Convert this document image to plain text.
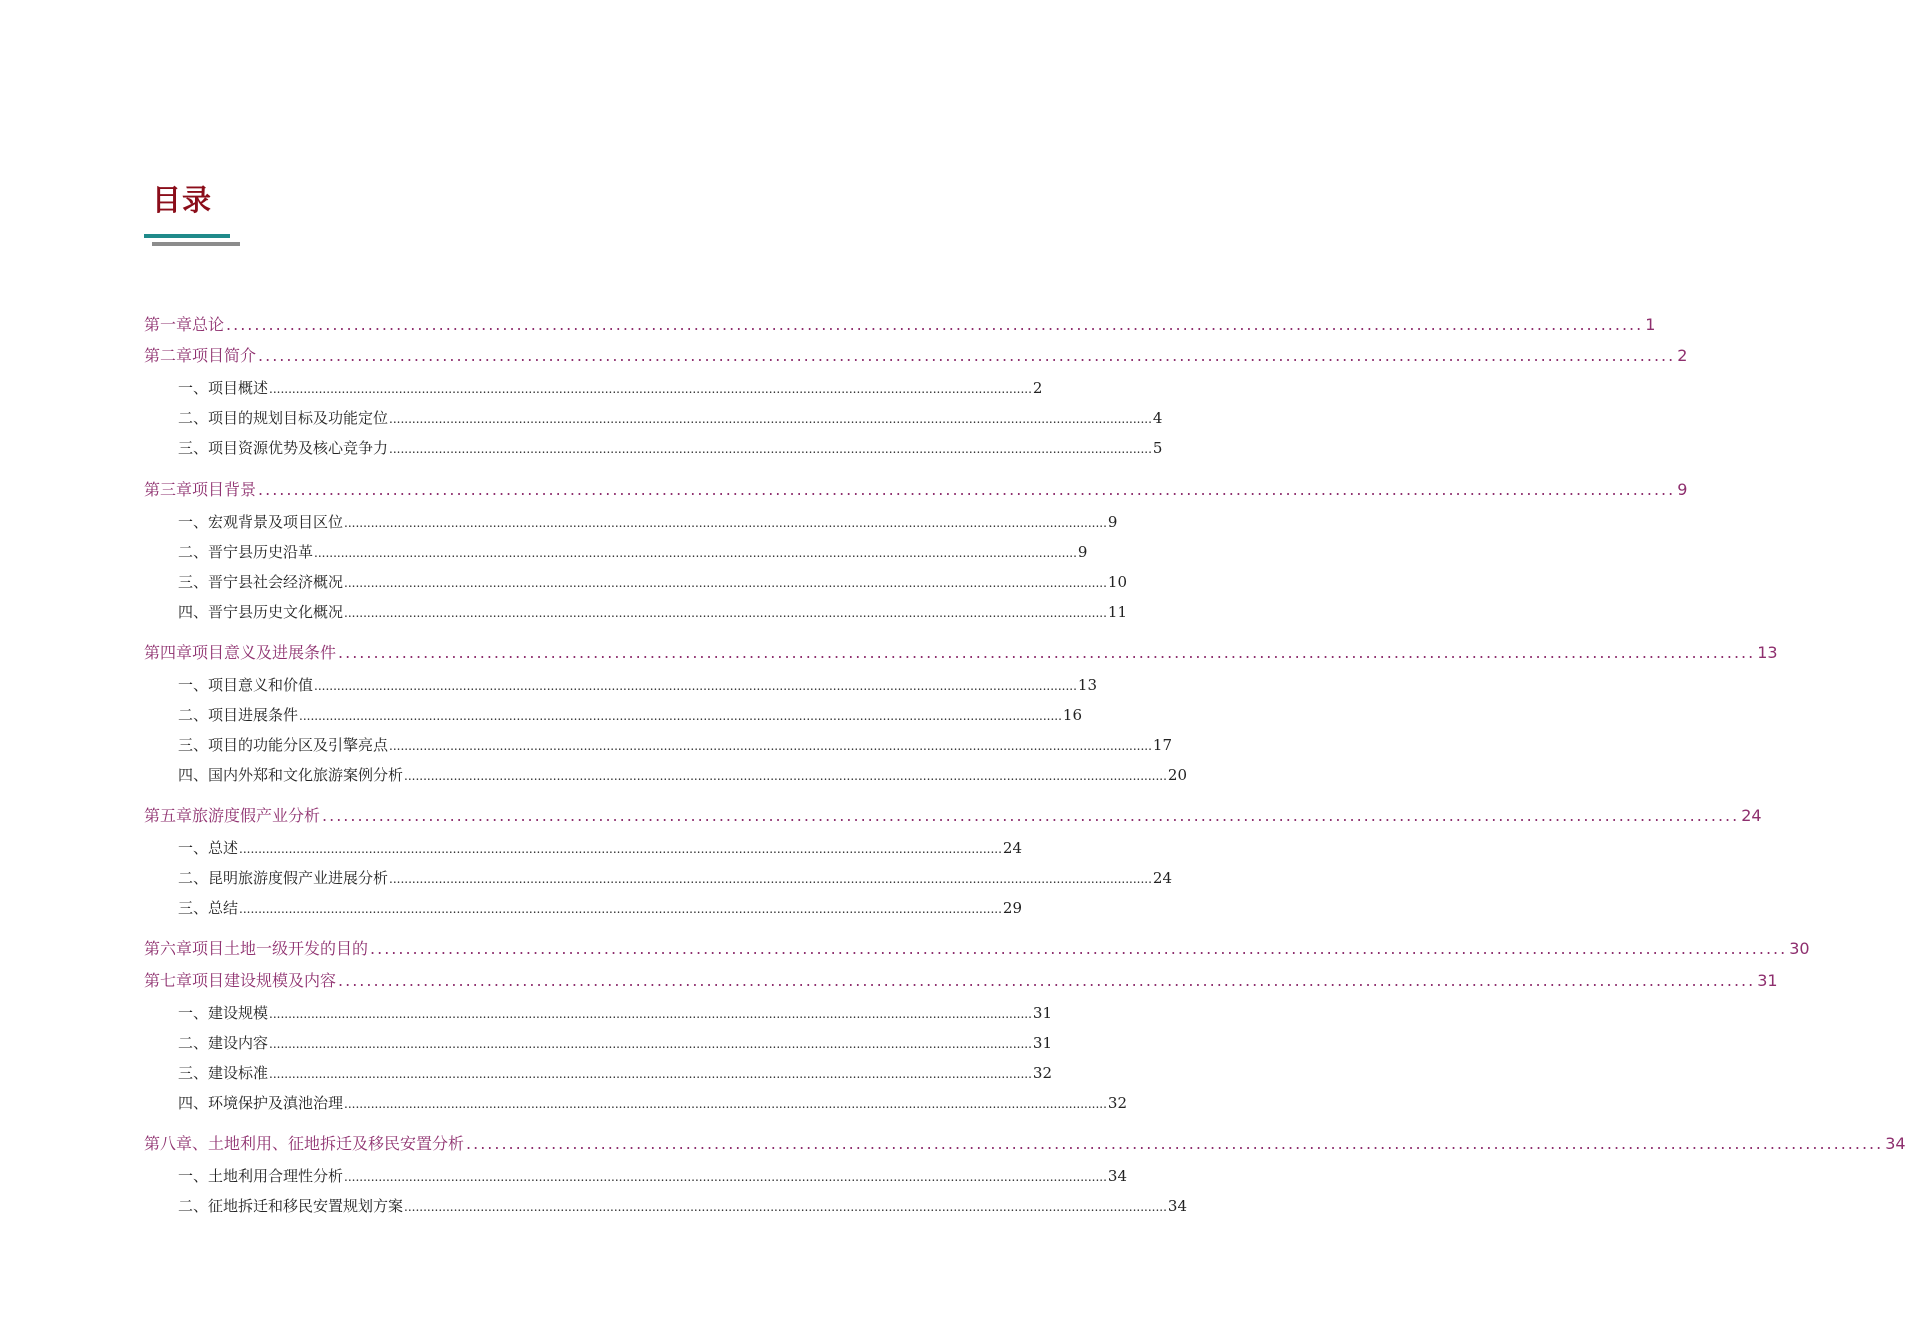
目录
第一章 总论 ........................................................................................................................................................................................................ 1
第二章 项目简介 ........................................................................................................................................................................................................ 2
一、 项目概述 ........................................................................................................................................................................................................ 2
二、 项目的规划目标及功能定位 ........................................................................................................................................................................................................ 4
三、 项目资源优势及核心竞争力 ........................................................................................................................................................................................................ 5
第三章 项目背景 ........................................................................................................................................................................................................ 9
一、 宏观背景及项目区位 ........................................................................................................................................................................................................ 9
二、 晋宁县历史沿革 ........................................................................................................................................................................................................ 9
三、 晋宁县社会经济概况 ........................................................................................................................................................................................................ 10
四、 晋宁县历史文化概况 ........................................................................................................................................................................................................ 11
第四章 项目意义及进展条件 ........................................................................................................................................................................................................ 13
一、 项目意义和价值 ........................................................................................................................................................................................................ 13
二、 项目进展条件 ........................................................................................................................................................................................................ 16
三、 项目的功能分区及引擎亮点 ........................................................................................................................................................................................................ 17
四、 国内外郑和文化旅游案例分析 ........................................................................................................................................................................................................ 20
第五章 旅游度假产业分析 ........................................................................................................................................................................................................ 24
一、 总述 ........................................................................................................................................................................................................ 24
二、 昆明旅游度假产业进展分析 ........................................................................................................................................................................................................ 24
三、 总结 ........................................................................................................................................................................................................ 29
第六章 项目土地一级开发的目的 ........................................................................................................................................................................................................ 30
第七章 项目建设规模及内容 ........................................................................................................................................................................................................ 31
一、 建设规模 ........................................................................................................................................................................................................ 31
二、 建设内容 ........................................................................................................................................................................................................ 31
三、 建设标准 ........................................................................................................................................................................................................ 32
四、 环境保护及滇池治理 ........................................................................................................................................................................................................ 32
第八章、 土地利用、征地拆迁及移民安置分析 ........................................................................................................................................................................................................ 34
一、 土地利用合理性分析 ........................................................................................................................................................................................................ 34
二、 征地拆迁和移民安置规划方案 ........................................................................................................................................................................................................ 34
